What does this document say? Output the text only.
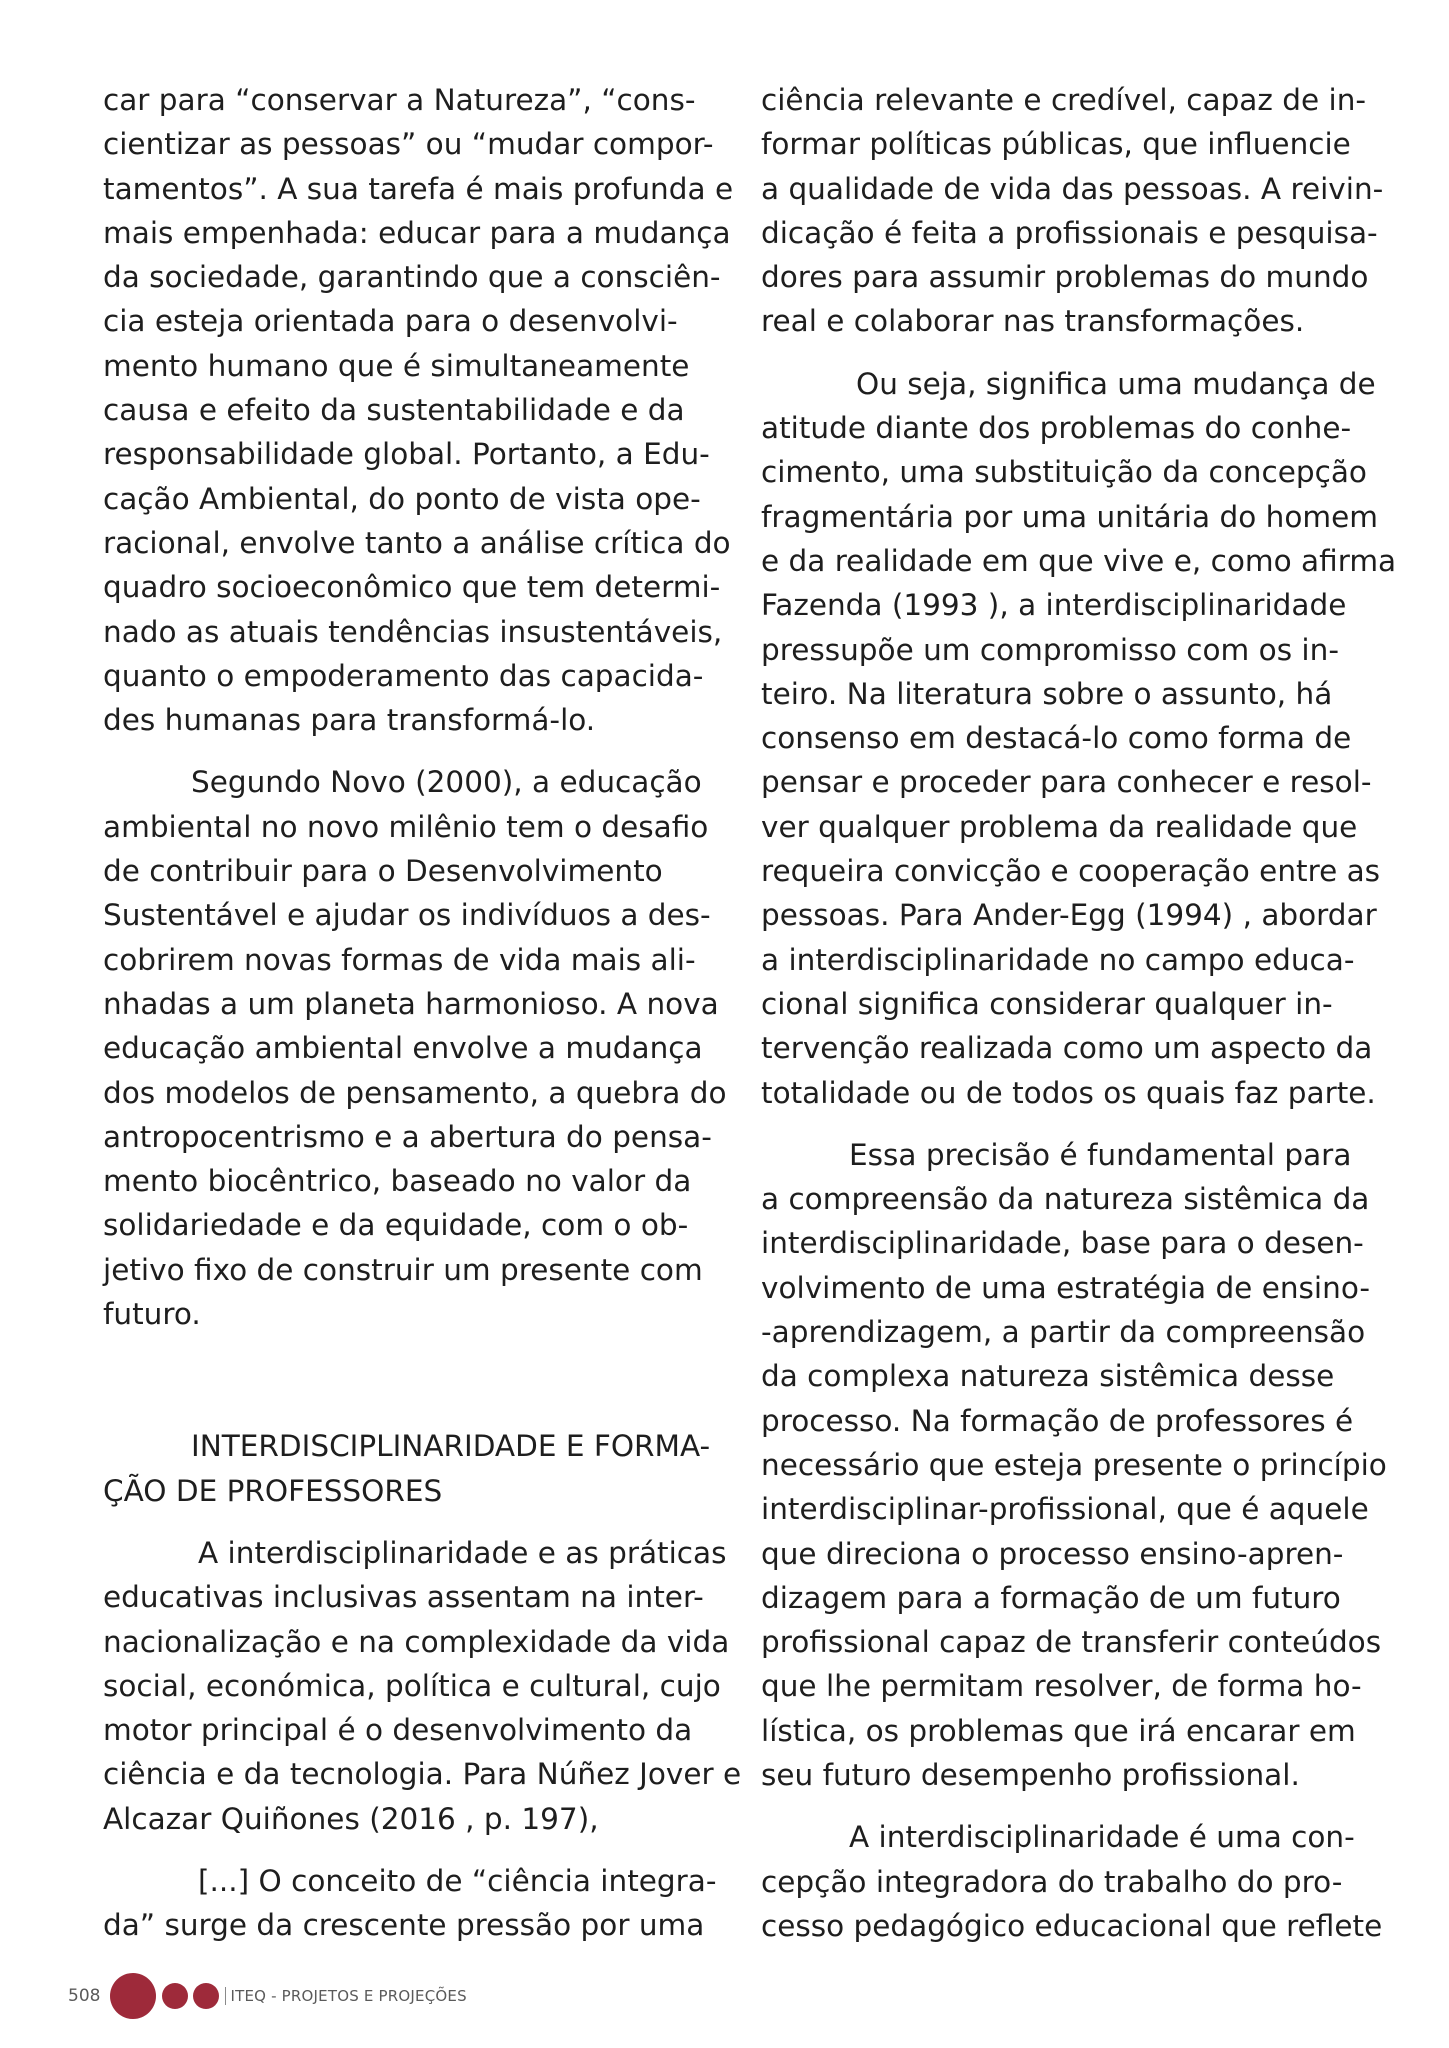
car para “conservar a Natureza”, “cons-
cientizar as pessoas” ou “mudar compor-
tamentos”. A sua tarefa é mais profunda e
mais empenhada: educar para a mudança
da sociedade, garantindo que a consciên-
cia esteja orientada para o desenvolvi-
mento humano que é simultaneamente
causa e efeito da sustentabilidade e da
responsabilidade global. Portanto, a Edu-
cação Ambiental, do ponto de vista ope-
racional, envolve tanto a análise crítica do
quadro socioeconômico que tem determi-
nado as atuais tendências insustentáveis,
quanto o empoderamento das capacida-
des humanas para transformá-lo.
Segundo Novo (2000), a educação
ambiental no novo milênio tem o desafio
de contribuir para o Desenvolvimento
Sustentável e ajudar os indivíduos a des-
cobrirem novas formas de vida mais ali-
nhadas a um planeta harmonioso. A nova
educação ambiental envolve a mudança
dos modelos de pensamento, a quebra do
antropocentrismo e a abertura do pensa-
mento biocêntrico, baseado no valor da
solidariedade e da equidade, com o ob-
jetivo fixo de construir um presente com
futuro.
INTERDISCIPLINARIDADE E FORMA-
ÇÃO DE PROFESSORES
A interdisciplinaridade e as práticas
educativas inclusivas assentam na inter-
nacionalização e na complexidade da vida
social, económica, política e cultural, cujo
motor principal é o desenvolvimento da
ciência e da tecnologia. Para Núñez Jover e
Alcazar Quiñones (2016 , p. 197),
[...] O conceito de “ciência integra-
da” surge da crescente pressão por uma
ciência relevante e credível, capaz de in-
formar políticas públicas, que influencie
a qualidade de vida das pessoas. A reivin-
dicação é feita a profissionais e pesquisa-
dores para assumir problemas do mundo
real e colaborar nas transformações.
Ou seja, significa uma mudança de
atitude diante dos problemas do conhe-
cimento, uma substituição da concepção
fragmentária por uma unitária do homem
e da realidade em que vive e, como afirma
Fazenda (1993 ), a interdisciplinaridade
pressupõe um compromisso com os in-
teiro. Na literatura sobre o assunto, há
consenso em destacá-lo como forma de
pensar e proceder para conhecer e resol-
ver qualquer problema da realidade que
requeira convicção e cooperação entre as
pessoas. Para Ander-Egg (1994) , abordar
a interdisciplinaridade no campo educa-
cional significa considerar qualquer in-
tervenção realizada como um aspecto da
totalidade ou de todos os quais faz parte.
Essa precisão é fundamental para
a compreensão da natureza sistêmica da
interdisciplinaridade, base para o desen-
volvimento de uma estratégia de ensino-
-aprendizagem, a partir da compreensão
da complexa natureza sistêmica desse
processo. Na formação de professores é
necessário que esteja presente o princípio
interdisciplinar-profissional, que é aquele
que direciona o processo ensino-apren-
dizagem para a formação de um futuro
profissional capaz de transferir conteúdos
que lhe permitam resolver, de forma ho-
lística, os problemas que irá encarar em
seu futuro desempenho profissional.
A interdisciplinaridade é uma con-
cepção integradora do trabalho do pro-
cesso pedagógico educacional que reflete
508	ITEQ - PROJETOS E PROJEÇÕES
